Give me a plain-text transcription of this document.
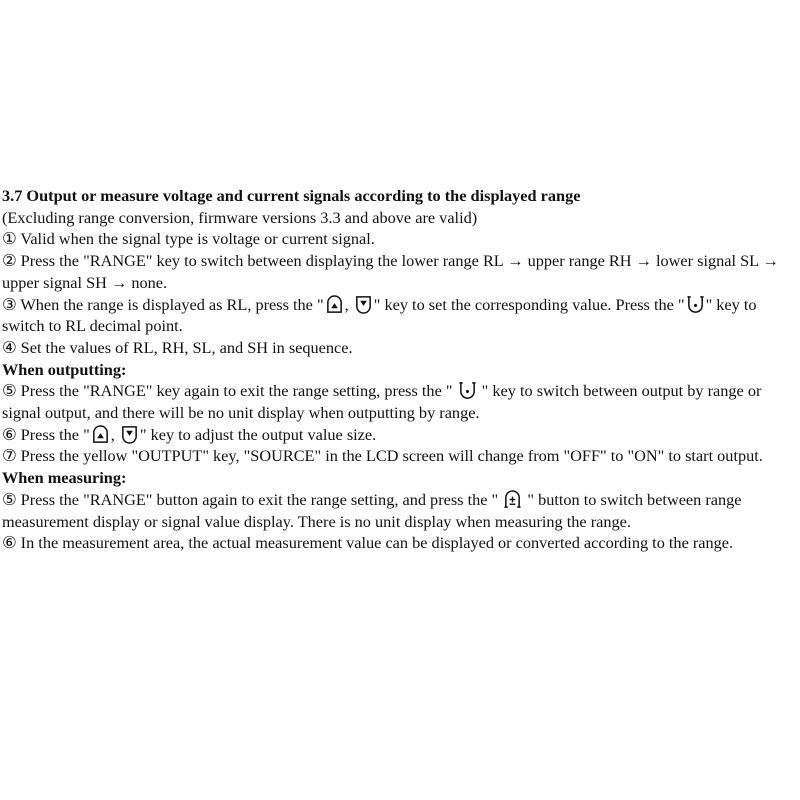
3.7 Output or measure voltage and current signals according to the displayed range
(Excluding range conversion, firmware versions 3.3 and above are valid)
① Valid when the signal type is voltage or current signal.
② Press the "RANGE" key to switch between displaying the lower range RL → upper range RH → lower signal SL → upper signal SH → none.
③ When the range is displayed as RL, press the " ,
" key to set the corresponding value. Press the " " key to switch to RL decimal point.
④ Set the values of RL, RH, SL, and SH in sequence.
When outputting:
⑤ Press the "RANGE" key again to exit the range setting, press the "
" key to switch between output by range or signal output, and there will be no unit display when outputting by range.
⑥ Press the " ,
" key to adjust the output value size.
⑦ Press the yellow "OUTPUT" key, "SOURCE" in the LCD screen will change from "OFF" to "ON" to start output.
When measuring:
⑤ Press the "RANGE" button again to exit the range setting, and press the "
" button to switch between range measurement display or signal value display. There is no unit display when measuring the range.
⑥ In the measurement area, the actual measurement value can be displayed or converted according to the range.
